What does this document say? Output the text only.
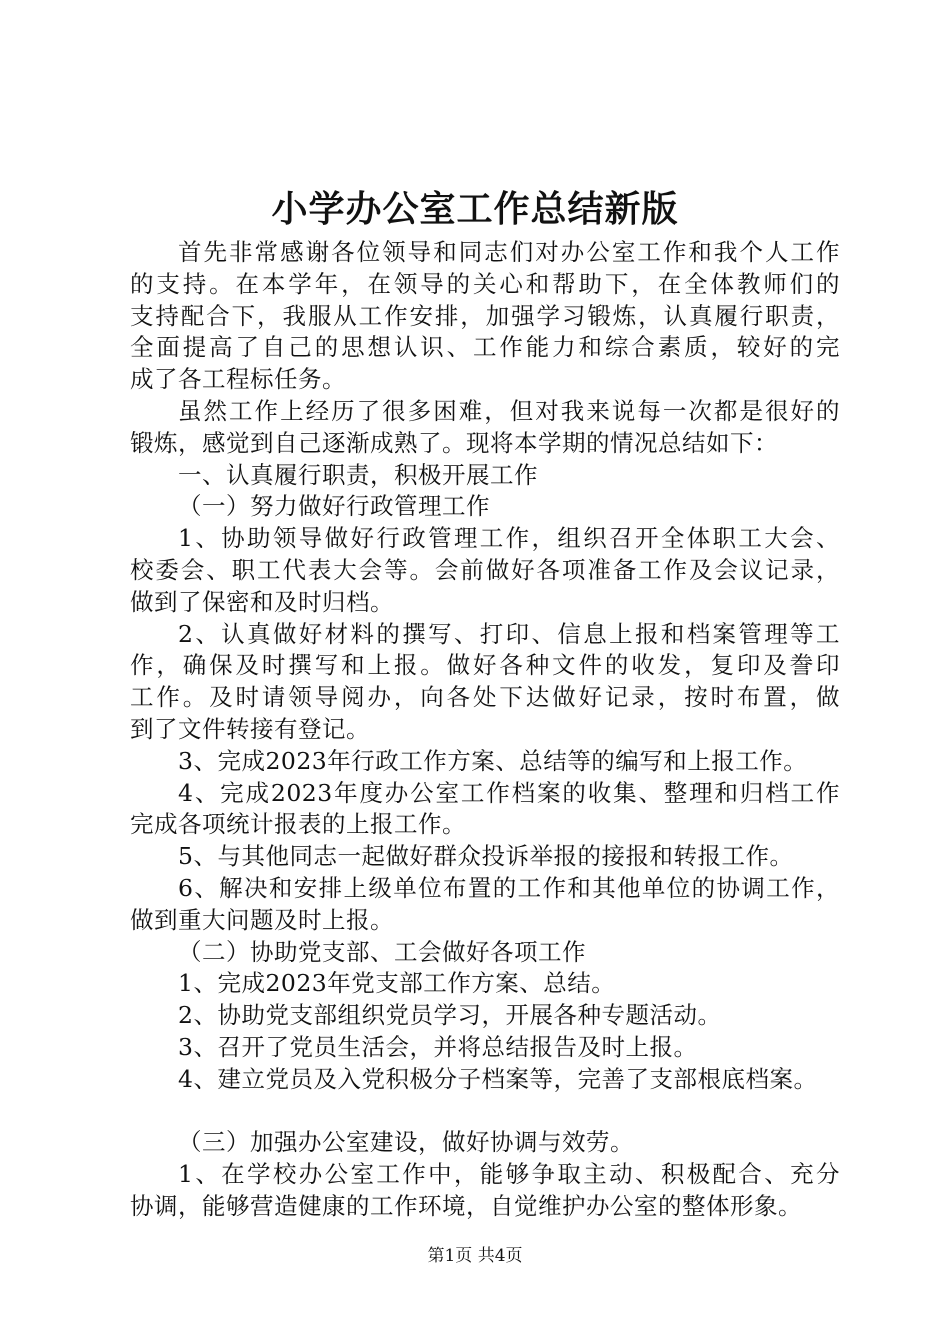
小学办公室工作总结新版
首先非常感谢各位领导和同志们对办公室工作和我个人工作
的支持。在本学年，在领导的关心和帮助下，在全体教师们的
支持配合下，我服从工作安排，加强学习锻炼，认真履行职责，
全面提高了自己的思想认识、工作能力和综合素质，较好的完
成了各工程标任务。
虽然工作上经历了很多困难，但对我来说每一次都是很好的
锻炼，感觉到自己逐渐成熟了。现将本学期的情况总结如下：
一、认真履行职责，积极开展工作
（一）努力做好行政管理工作
1、协助领导做好行政管理工作，组织召开全体职工大会、
校委会、职工代表大会等。会前做好各项准备工作及会议记录，
做到了保密和及时归档。
2、认真做好材料的撰写、打印、信息上报和档案管理等工
作，确保及时撰写和上报。做好各种文件的收发，复印及誊印
工作。及时请领导阅办，向各处下达做好记录，按时布置，做
到了文件转接有登记。
3、完成2023年行政工作方案、总结等的编写和上报工作。
4、完成2023年度办公室工作档案的收集、整理和归档工作
完成各项统计报表的上报工作。
5、与其他同志一起做好群众投诉举报的接报和转报工作。
6、解决和安排上级单位布置的工作和其他单位的协调工作，
做到重大问题及时上报。
（二）协助党支部、工会做好各项工作
1、完成2023年党支部工作方案、总结。
2、协助党支部组织党员学习，开展各种专题活动。
3、召开了党员生活会，并将总结报告及时上报。
4、建立党员及入党积极分子档案等，完善了支部根底档案。
（三）加强办公室建设，做好协调与效劳。
1、在学校办公室工作中，能够争取主动、积极配合、充分
协调，能够营造健康的工作环境，自觉维护办公室的整体形象。
第1页 共4页
